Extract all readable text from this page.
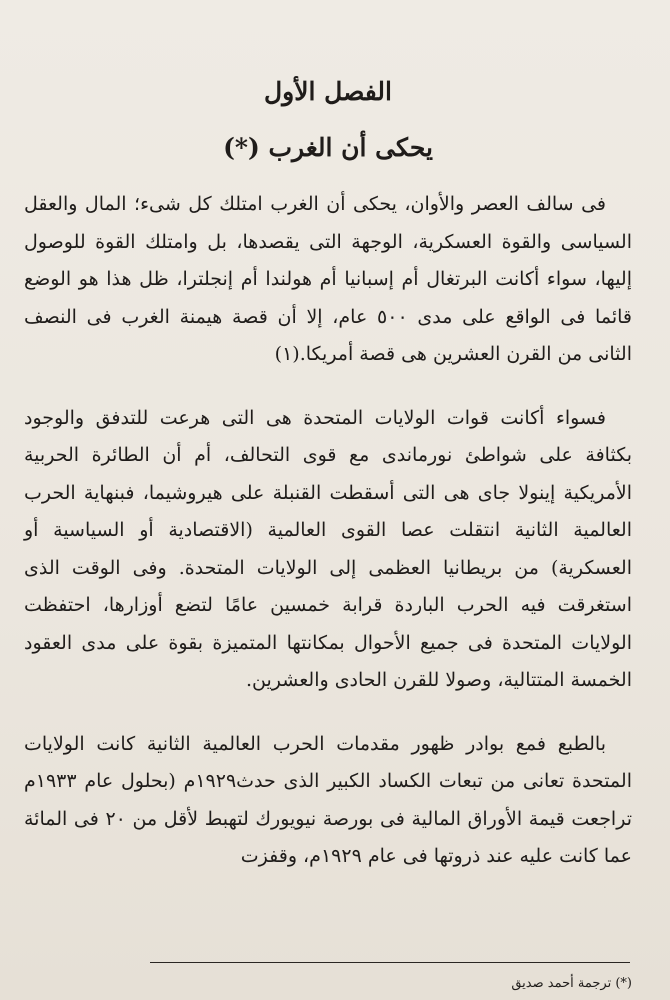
الفصل الأول
يحكى أن الغرب (*)

فى سالف العصر والأوان، يحكى أن الغرب امتلك كل شىء؛ المال والعقل السياسى والقوة العسكرية، الوجهة التى يقصدها، بل وامتلك القوة للوصول إليها، سواء أكانت البرتغال أم إسبانيا أم هولندا أم إنجلترا، ظل هذا هو الوضع قائما فى الواقع على مدى ٥٠٠ عام، إلا أن قصة هيمنة الغرب فى النصف الثانى من القرن العشرين هى قصة أمريكا.(١)

فسواء أكانت قوات الولايات المتحدة هى التى هرعت للتدفق والوجود بكثافة على شواطئ نورماندى مع قوى التحالف، أم أن الطائرة الحربية الأمريكية إينولا جاى هى التى أسقطت القنبلة على هيروشيما، فبنهاية الحرب العالمية الثانية انتقلت عصا القوى العالمية (الاقتصادية أو السياسية أو العسكرية) من بريطانيا العظمى إلى الولايات المتحدة. وفى الوقت الذى استغرقت فيه الحرب الباردة قرابة خمسين عامًا لتضع أوزارها، احتفظت الولايات المتحدة فى جميع الأحوال بمكانتها المتميزة بقوة على مدى العقود الخمسة المتتالية، وصولا للقرن الحادى والعشرين.

بالطبع فمع بوادر ظهور مقدمات الحرب العالمية الثانية كانت الولايات المتحدة تعانى من تبعات الكساد الكبير الذى حدث١٩٢٩م (بحلول عام ١٩٣٣م تراجعت قيمة الأوراق المالية فى بورصة نيويورك لتهبط لأقل من ٢٠ فى المائة عما كانت عليه عند ذروتها فى عام ١٩٢٩م، وقفزت

(*) ترجمة أحمد صديق
